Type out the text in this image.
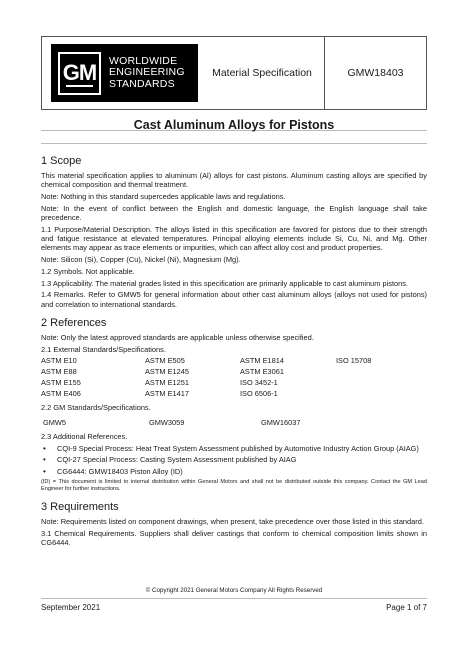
GM WORLDWIDE
ENGINEERING
STANDARDS
Material Specification	GMW18403
Cast Aluminum Alloys for Pistons
1 Scope

This material specification applies to aluminum (Al) alloys for cast pistons. Aluminum casting alloys are specified by chemical composition and thermal treatment.

Note: Nothing in this standard supercedes applicable laws and regulations.

Note: In the event of conflict between the English and domestic language, the English language shall take precedence.

1.1 Purpose/Material Description. The alloys listed in this specification are favored for pistons due to their strength and fatigue resistance at elevated temperatures. Principal alloying elements include Si, Cu, Ni, and Mg. Other elements may appear as trace elements or impurities, which can affect alloy cost and product properties.

Note: Silicon (Si), Copper (Cu), Nickel (Ni), Magnesium (Mg).

1.2 Symbols. Not applicable.

1.3 Applicability. The material grades listed in this specification are primarily applicable to cast aluminum pistons.

1.4 Remarks. Refer to GMW5 for general information about other cast aluminum alloys (alloys not used for pistons) and correlation to international standards.

2 References

Note: Only the latest approved standards are applicable unless otherwise specified.

2.1 External Standards/Specifications.

ASTM E10	ASTM E505	ASTM E1814	ISO 15708
ASTM E88	ASTM E1245	ASTM E3061	
ASTM E155	ASTM E1251	ISO 3452-1	
ASTM E406	ASTM E1417	ISO 6506-1	

2.2 GM Standards/Specifications.

GMW5	GMW3059	GMW16037

2.3 Additional References.

• CQI-9 Special Process: Heat Treat System Assessment published by Automotive Industry Action Group (AIAG)
• CQI-27 Special Process: Casting System Assessment published by AIAG
• CG6444: GMW18403 Piston Alloy (ID)

(ID) = This document is limited to internal distribution within General Motors and shall not be distributed outside this company. Contact the GM Lead Engineer for further instructions.

3 Requirements

Note: Requirements listed on component drawings, when present, take precedence over those listed in this standard.

3.1 Chemical Requirements. Suppliers shall deliver castings that conform to chemical composition limits shown in CG6444.

© Copyright 2021 General Motors Company All Rights Reserved
September 2021	Page 1 of 7
